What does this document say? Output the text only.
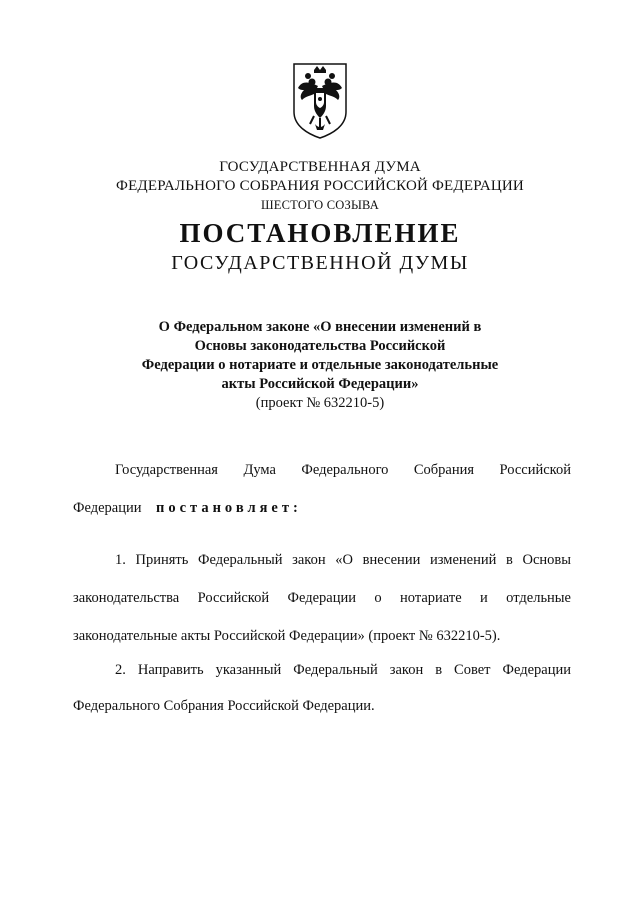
ГОСУДАРСТВЕННАЯ ДУМА
ФЕДЕРАЛЬНОГО СОБРАНИЯ РОССИЙСКОЙ ФЕДЕРАЦИИ
ШЕСТОГО СОЗЫВА
ПОСТАНОВЛЕНИЕ
ГОСУДАРСТВЕННОЙ ДУМЫ
О Федеральном законе «О внесении изменений в
Основы законодательства Российской
Федерации о нотариате и отдельные законодательные
акты Российской Федерации»
(проект № 632210-5)
Государственная Дума Федерального Собрания Российской
Федерации постановляет:
1. Принять Федеральный закон «О внесении изменений в Основы
законодательства Российской Федерации о нотариате и отдельные
законодательные акты Российской Федерации» (проект № 632210-5).
2. Направить указанный Федеральный закон в Совет Федерации
Федерального Собрания Российской Федерации.
